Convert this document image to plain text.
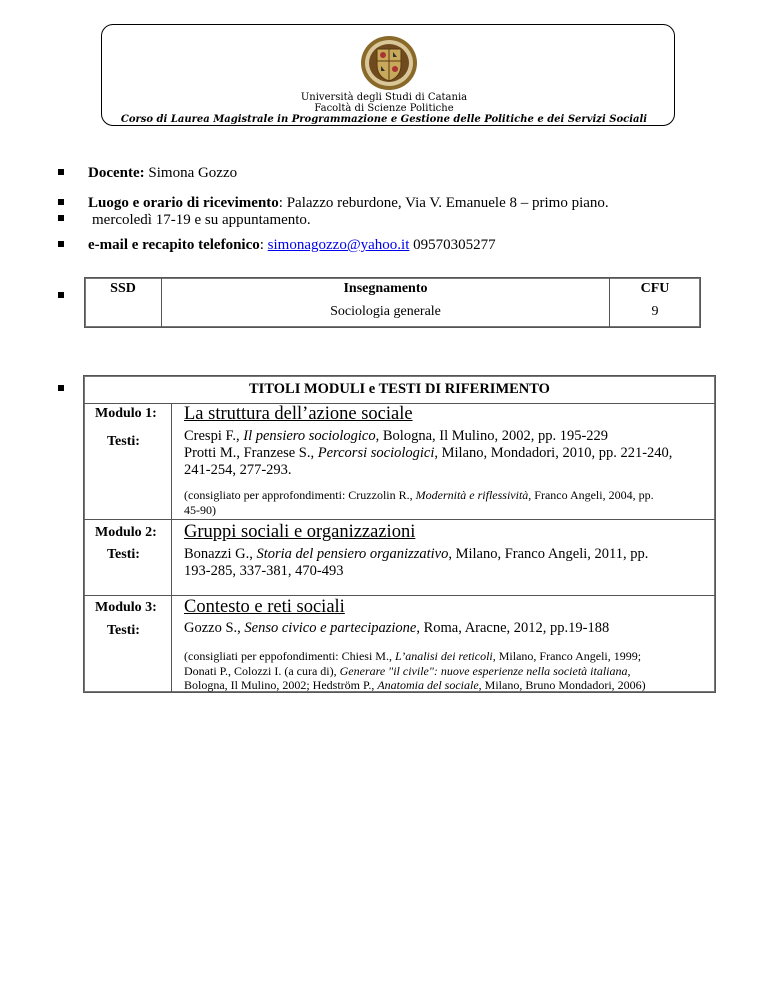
Università degli Studi di Catania
Facoltà di Scienze Politiche
Corso di Laurea Magistrale in Programmazione e Gestione delle Politiche e dei Servizi Sociali
Docente: Simona Gozzo
Luogo e orario di ricevimento: Palazzo reburdone, Via V. Emanuele 8 – primo piano.
mercoledì 17-19 e su appuntamento.
e-mail e recapito telefonico: simonagozzo@yahoo.it 09570305277
SSD	Insegnamento
Sociologia generale
CFU
9
TITOLI MODULI e TESTI DI RIFERIMENTO
Modulo 1:
Testi:
La struttura dell’azione sociale
Crespi F., Il pensiero sociologico, Bologna, Il Mulino, 2002, pp. 195-229
Protti M., Franzese S., Percorsi sociologici, Milano, Mondadori, 2010, pp. 221-240,
241-254, 277-293.
(consigliato per approfondimenti: Cruzzolin R., Modernità e riflessività, Franco Angeli, 2004, pp.
45-90)
Modulo 2:
Testi:
Gruppi sociali e organizzazioni
Bonazzi G., Storia del pensiero organizzativo, Milano, Franco Angeli, 2011, pp.
193-285, 337-381, 470-493
Modulo 3:
Testi:
Contesto e reti sociali
Gozzo S., Senso civico e partecipazione, Roma, Aracne, 2012, pp.19-188
(consigliati per eppofondimenti: Chiesi M., L’analisi dei reticoli, Milano, Franco Angeli, 1999;
Donati P., Colozzi I. (a cura di), Generare "il civile": nuove esperienze nella società italiana,
Bologna, Il Mulino, 2002; Hedström P., Anatomia del sociale, Milano, Bruno Mondadori, 2006)
